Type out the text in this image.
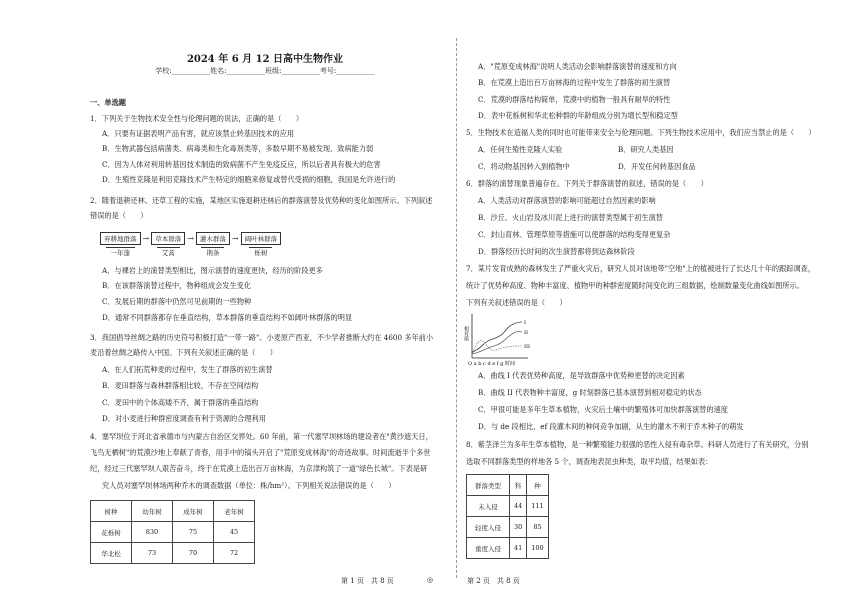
2024 年 6 月 12 日高中生物作业
学校:___________姓名:___________班级:___________考号:___________
一、单选题
1．下列关于生物技术安全性与伦理问题的说法，正确的是（　　）
A．只要有证据表明产品有害，就应该禁止转基因技术的应用
B．生物武器包括病菌类、病毒类和生化毒剂类等，多数早期不易被发现、致病能力弱
C．因为人体对利用转基因技术制造的致病菌不产生免疫反应，所以后者具有极大的危害
D．生殖性克隆是利用克隆技术产生特定的细胞来修复或替代受损的细胞，我国是允许进行的
2．随着退耕还林、还草工程的实施，某地区实施退耕还林后的群落演替及优势种的变化如图所示。下列叙述
错误的是（　　）
A．与裸岩上的演替类型相比，图示演替的速度更快，经历的阶段更多
B．在该群落演替过程中，物种组成会发生变化
C．发展后期的群落中仍然可见前期的一些物种
D．通常不同群落都存在垂直结构，草本群落的垂直结构不如阔叶林群落的明显
3．我国倡导丝绸之路的历史符号积极打造"一带一路"。小麦原产西亚，不少学者推断大约在 4600 多年前小
麦沿着丝绸之路传入中国。下列有关叙述正确的是（　　）
A．在人们拓荒种麦的过程中，发生了群落的初生演替
B．麦田群落与森林群落相比较，不存在空间结构
C．麦田中的个体高矮不齐，属于群落的垂直结构
D．对小麦进行种群密度调查有利于资源的合理利用
4．塞罕坝位于河北省承德市与内蒙古自治区交界处。60 年前，第一代塞罕坝林场的建设者在"黄沙遮天日，
飞鸟无栖树"的荒漠沙地上奉献了青春，用手中的镐头开启了"荒原变成林海"的奇迹故事。时间流逝半个多世
纪，经过三代塞罕坝人艰苦奋斗，终于在荒漠上造出百万亩林海，为京津构筑了一道"绿色长城"。下表是研
究人员对塞罕坝林场两种乔木的调查数据（单位：株/hm²）。下列相关说法错误的是（　　）
弃耕地群落
一年蓬
→ 草本群落
艾蒿
→ 灌木群落
荆条
→ 阔叶林群落
栎树
树种	幼年树	成年树	老年树
花栎树	830	75	45
华北松	73	70	72
A．"荒原变成林海"说明人类活动会影响群落演替的速度和方向
B．在荒漠上造出百万亩林海的过程中发生了群落的初生演替
C．荒漠的群落结构简单，荒漠中的植物一般具有耐旱的特性
D．表中花栎树和华北松种群的年龄组成分别为增长型和稳定型
5．生物技术在造福人类的同时也可能带来安全与伦理问题。下列生物技术应用中，我们应当禁止的是（　　）
A．任何生殖性克隆人实验	B．研究人类基因
C．将动物基因转入到植物中	D．开发任何转基因食品
6．群落的演替现象普遍存在。下列关于群落演替的叙述，错误的是（　　）
A．人类活动对群落演替的影响可能超过自然因素的影响
B．沙丘、火山岩及冰川泥上进行的演替类型属于初生演替
C．封山育林、管理草原等措施可以使群落的结构变得更复杂
D．群落经历长时间的次生演替都将到达森林阶段
7．某片发育成熟的森林发生了严重火灾后，研究人员对该地带"空地"上的植被进行了长达几十年的跟踪调查，
统计了优势种高度、物种丰富度、植物甲的种群密度随时间变化的三组数据，绘制数量变化曲线如图所示。
下列有关叙述错误的是（　　）
A．曲线 I 代表优势种高度，是导致群落中优势种更替的决定因素
B．曲线 II 代表物种丰富度，g 时刻群落已基本演替到相对稳定的状态
C．甲很可能是多年生草本植物，火灾后土壤中的繁殖体可加快群落演替的速度
D．与 de 段相比，ef 段灌木间的种间竞争加剧，从生的灌木不利于乔木种子的萌发
8．紫茎泽兰为多年生草本植物，是一种繁殖能力很强的恶性入侵有毒杂草。科研人员进行了有关研究，分别
选取不同群落类型的样地各 5 个，调查地表昆虫种类，取平均值，结果如表：
相对值
I
II
III
O a b c d e f g 时间
群落类型	科	种
未入侵	44	111
轻度入侵	30	85
重度入侵	41	100
第 1 页　共 8 页	◎	第 2 页　共 8 页
